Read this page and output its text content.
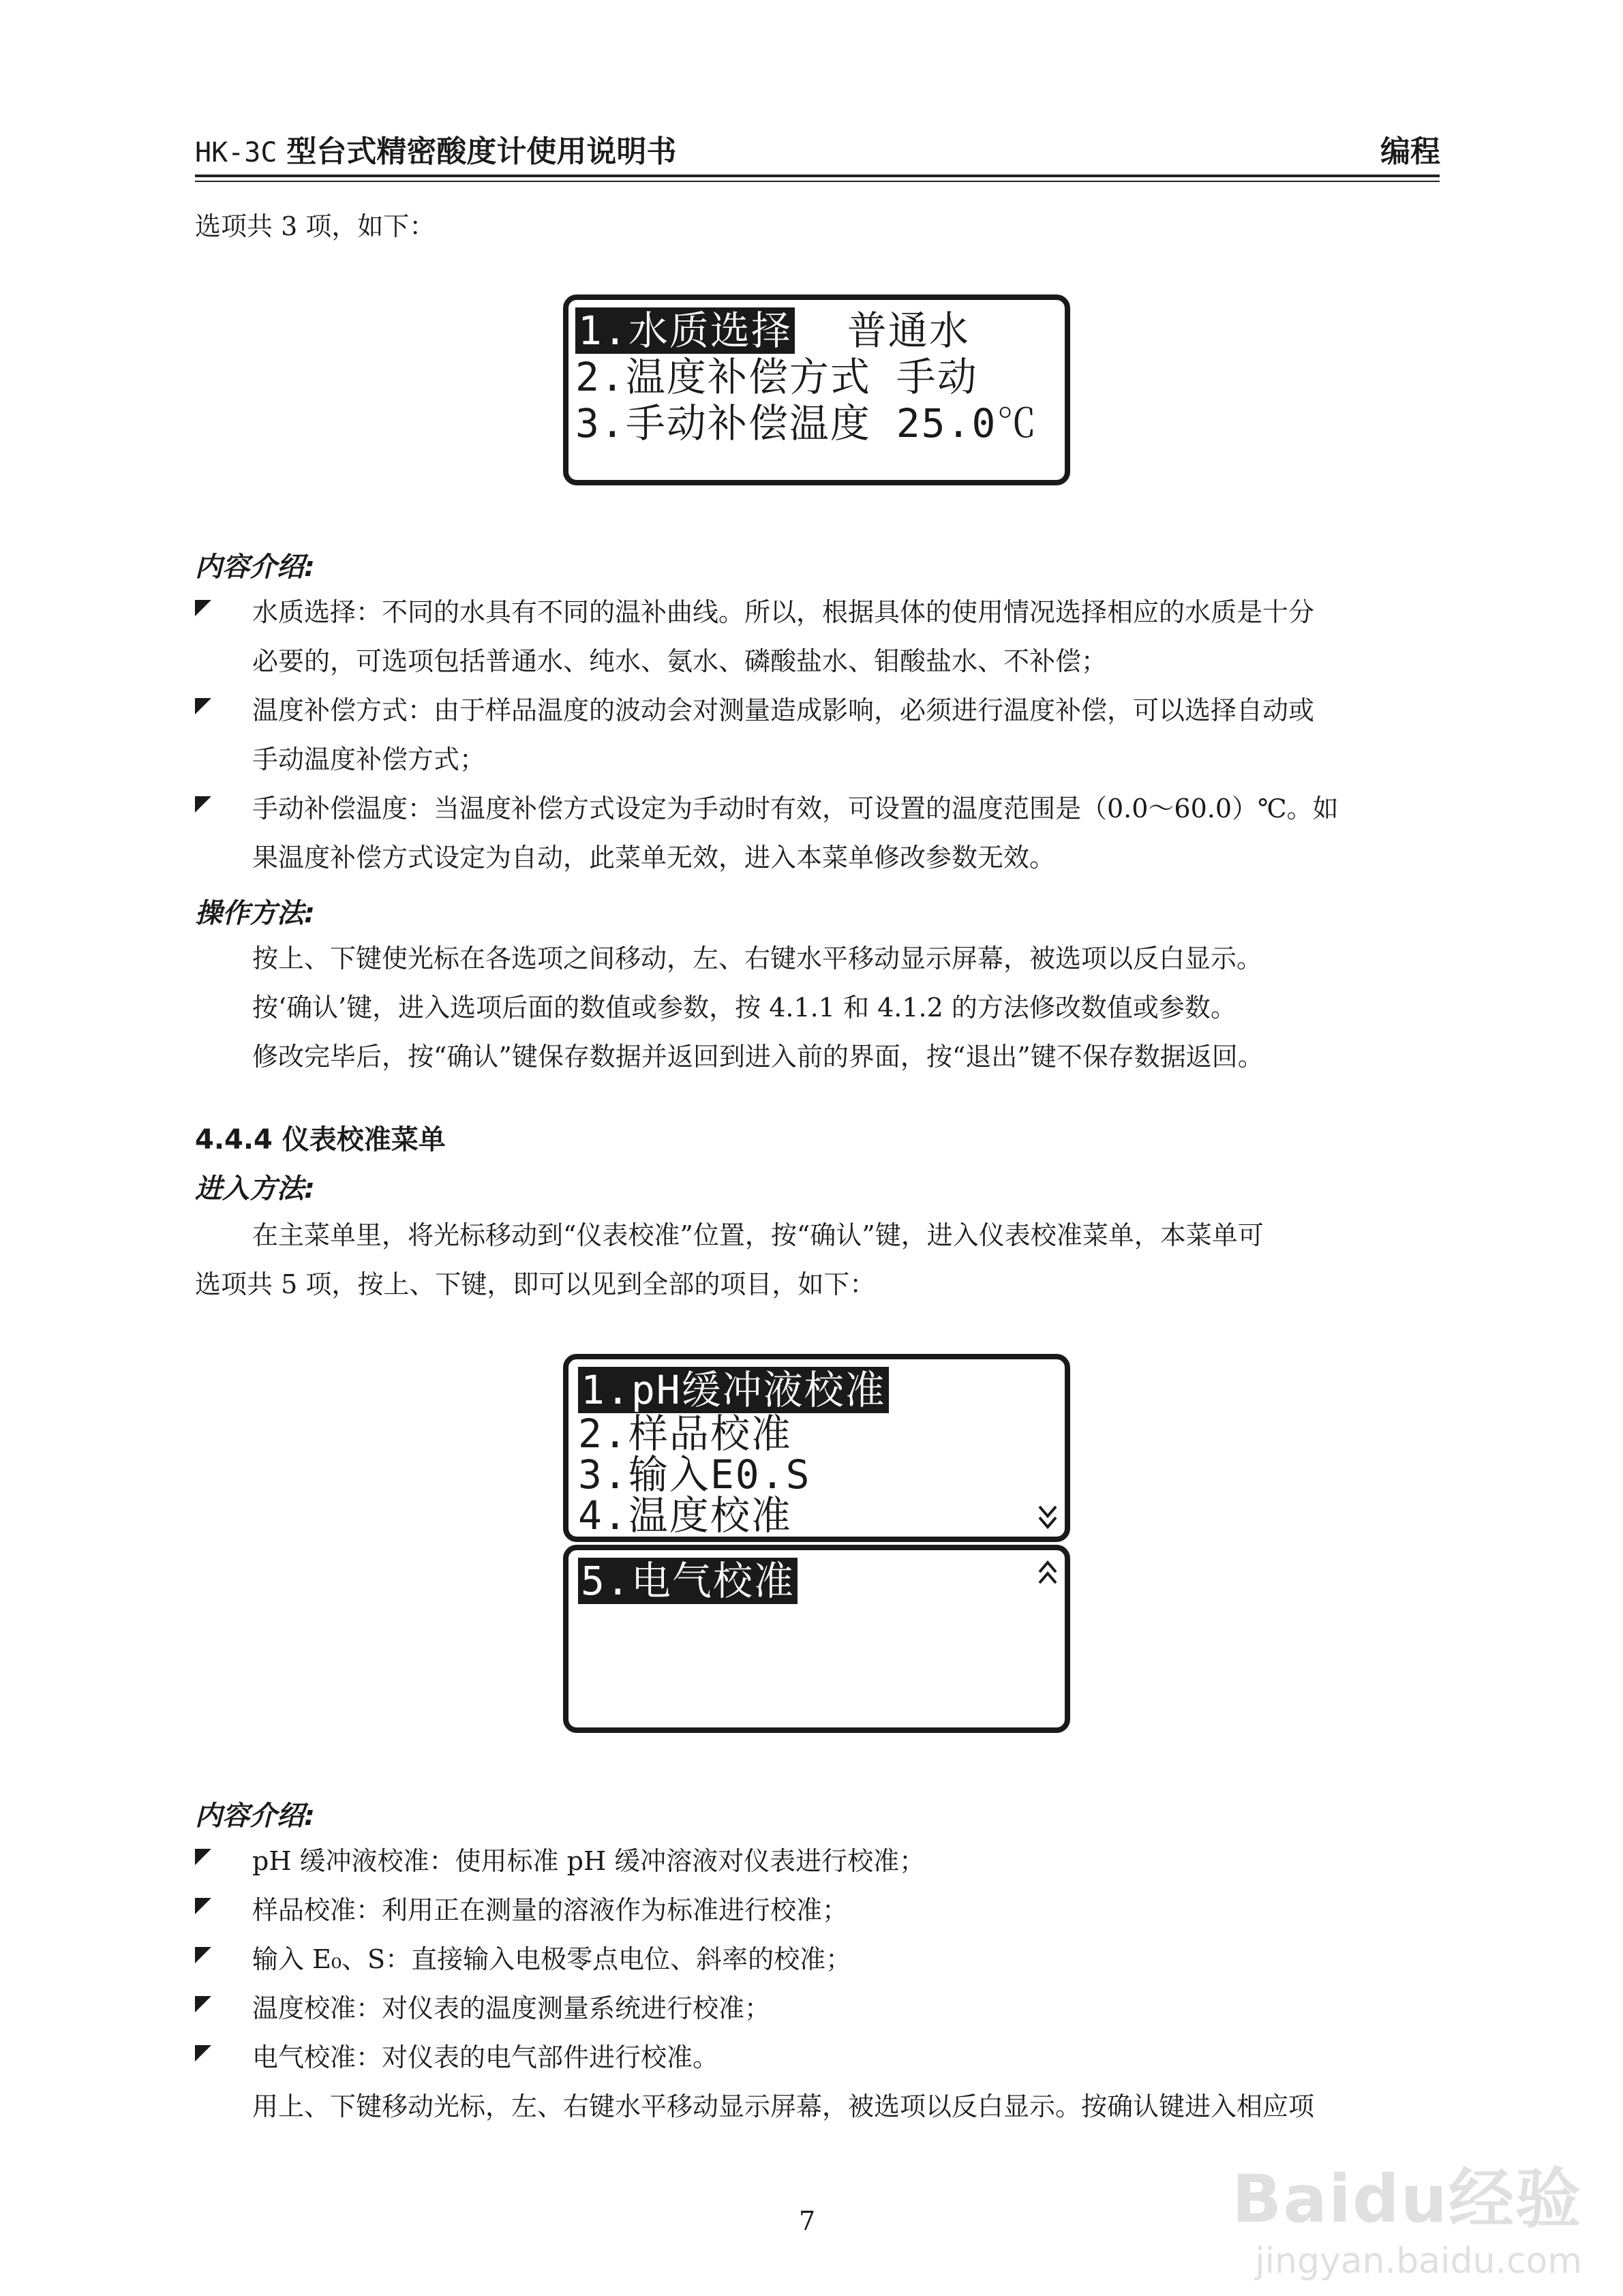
HK-3C 型台式精密酸度计使用说明书	编程
选项共 3 项，如下：
1.水质选择 普通水
2.温度补偿方式 手动
3.手动补偿温度 25.0℃
内容介绍:
水质选择：不同的水具有不同的温补曲线。所以，根据具体的使用情况选择相应的水质是十分
必要的，可选项包括普通水、纯水、氨水、磷酸盐水、钼酸盐水、不补偿；
温度补偿方式：由于样品温度的波动会对测量造成影响，必须进行温度补偿，可以选择自动或
手动温度补偿方式；
手动补偿温度：当温度补偿方式设定为手动时有效，可设置的温度范围是（0.0～60.0）℃。如
果温度补偿方式设定为自动，此菜单无效，进入本菜单修改参数无效。
操作方法:
按上、下键使光标在各选项之间移动，左、右键水平移动显示屏幕，被选项以反白显示。
按‘确认’键，进入选项后面的数值或参数，按 4.1.1 和 4.1.2 的方法修改数值或参数。
修改完毕后，按“确认”键保存数据并返回到进入前的界面，按“退出”键不保存数据返回。
4.4.4 仪表校准菜单
进入方法:
在主菜单里，将光标移动到“仪表校准”位置，按“确认”键，进入仪表校准菜单，本菜单可
选项共 5 项，按上、下键，即可以见到全部的项目，如下：
1.pH缓冲液校准
2.样品校准
3.输入E0.S
4.温度校准
5.电气校准
内容介绍:
pH 缓冲液校准：使用标准 pH 缓冲溶液对仪表进行校准；
样品校准：利用正在测量的溶液作为标准进行校准；
输入 E₀、S：直接输入电极零点电位、斜率的校准；
温度校准：对仪表的温度测量系统进行校准；
电气校准：对仪表的电气部件进行校准。
用上、下键移动光标，左、右键水平移动显示屏幕，被选项以反白显示。按确认键进入相应项
7	Baidu经验
jingyan.baidu.com
